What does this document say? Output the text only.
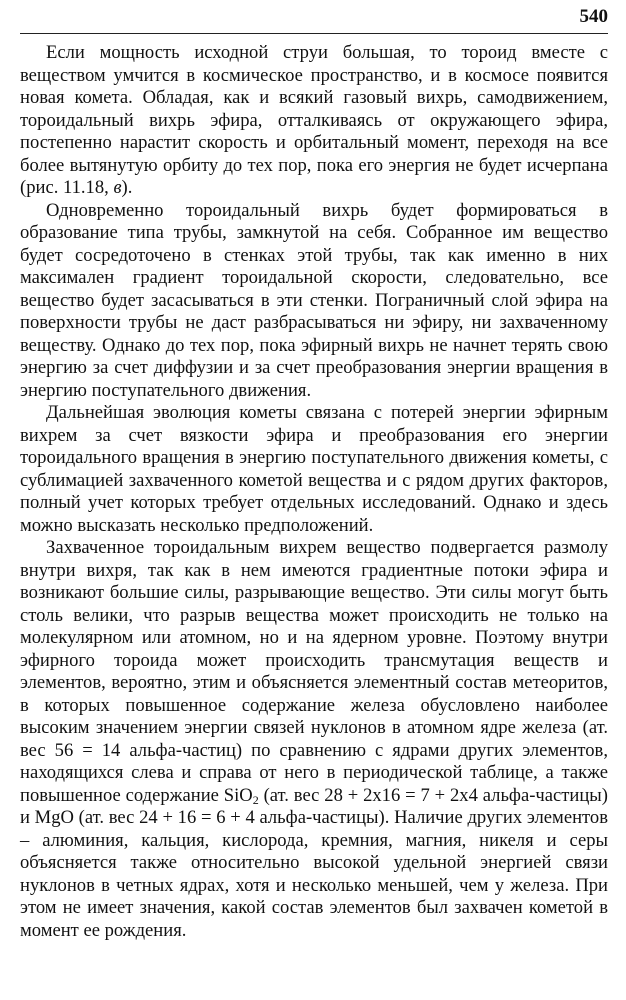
540

Если мощность исходной струи большая, то тороид вместе с веществом умчится в космическое пространство, и в космосе появится новая комета. Обладая, как и всякий газовый вихрь, самодвижением, тороидальный вихрь эфира, отталкиваясь от окружающего эфира, постепенно нарастит скорость и орбитальный момент, переходя на все более вытянутую орбиту до тех пор, пока его энергия не будет исчерпана (рис. 11.18, в).

Одновременно тороидальный вихрь будет формироваться в образование типа трубы, замкнутой на себя. Собранное им вещество будет сосредоточено в стенках этой трубы, так как именно в них максимален градиент тороидальной скорости, следовательно, все вещество будет засасываться в эти стенки. Пограничный слой эфира на поверхности трубы не даст разбрасываться ни эфиру, ни захваченному веществу. Однако до тех пор, пока эфирный вихрь не начнет терять свою энергию за счет диффузии и за счет преобразования энергии вращения в энергию поступательного движения.

Дальнейшая эволюция кометы связана с потерей энергии эфирным вихрем за счет вязкости эфира и преобразования его энергии тороидального вращения в энергию поступательного движения кометы, с сублимацией захваченного кометой вещества и с рядом других факторов, полный учет которых требует отдельных исследований. Однако и здесь можно высказать несколько предположений.

Захваченное тороидальным вихрем вещество подвергается размолу внутри вихря, так как в нем имеются градиентные потоки эфира и возникают большие силы, разрывающие вещество. Эти силы могут быть столь велики, что разрыв вещества может происходить не только на молекулярном или атомном, но и на ядерном уровне. Поэтому внутри эфирного тороида может происходить трансмутация веществ и элементов, вероятно, этим и объясняется элементный состав метеоритов, в которых повышенное содержание железа обусловлено наиболее высоким значением энергии связей нуклонов в атомном ядре железа (ат. вес 56 = 14 альфа-частиц) по сравнению с ядрами других элементов, находящихся слева и справа от него в периодической таблице, а также повышенное содержание SiO$_2$ (ат. вес 28 + 2x16 = 7 + 2x4 альфа-частицы) и MgO (ат. вес 24 + 16 = 6 + 4 альфа-частицы). Наличие других элементов – алюминия, кальция, кислорода, кремния, магния, никеля и серы объясняется также относительно высокой удельной энергией связи нуклонов в четных ядрах, хотя и несколько меньшей, чем у железа. При этом не имеет значения, какой состав элементов был захвачен кометой в момент ее рождения.
